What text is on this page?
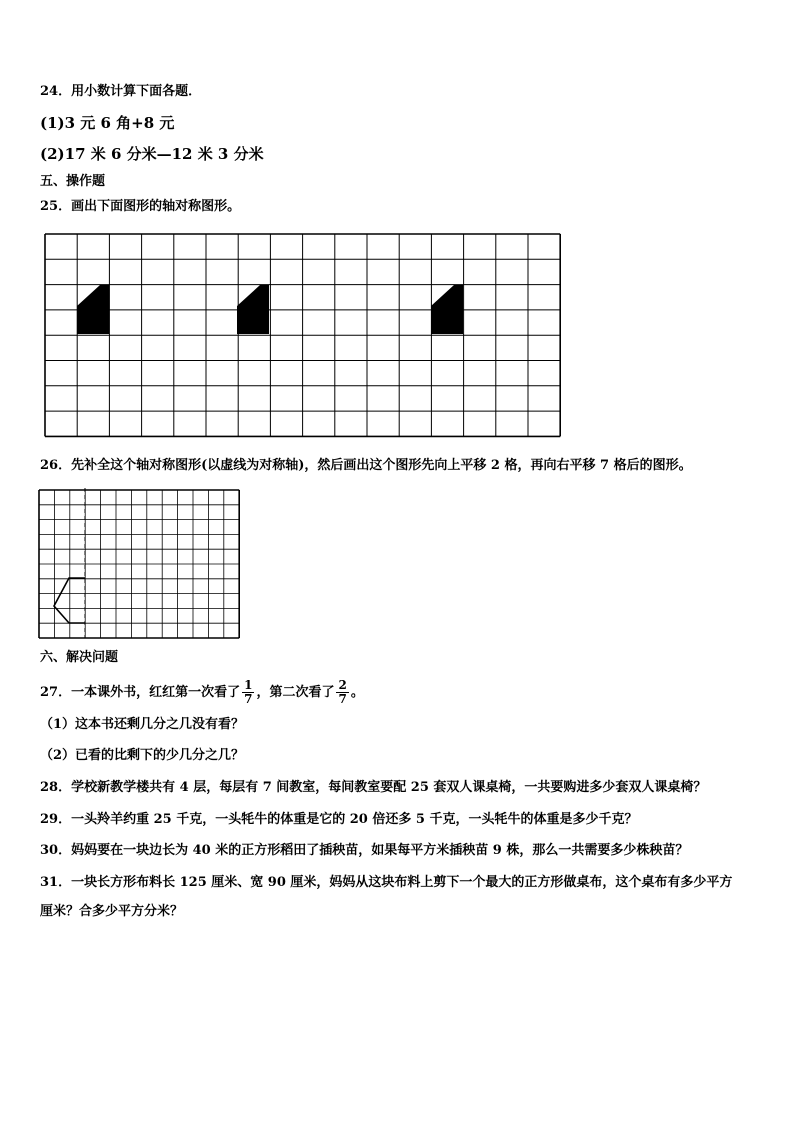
24．用小数计算下面各题．
(1)3 元 6 角+8 元
(2)17 米 6 分米—12 米 3 分米
五、操作题
25．画出下面图形的轴对称图形。
26．先补全这个轴对称图形(以虚线为对称轴)，然后画出这个图形先向上平移 2 格，再向右平移 7 格后的图形。
六、解决问题
27．一本课外书，红红第一次看了 $\frac{1}{7}$ ，第二次看了 $\frac{2}{7}$ 。
（1）这本书还剩几分之几没有看？
（2）已看的比剩下的少几分之几？
28．学校新教学楼共有 4 层，每层有 7 间教室，每间教室要配 25 套双人课桌椅，一共要购进多少套双人课桌椅？
29．一头羚羊约重 25 千克，一头牦牛的体重是它的 20 倍还多 5 千克，一头牦牛的体重是多少千克？
30．妈妈要在一块边长为 40 米的正方形稻田了插秧苗，如果每平方米插秧苗 9 株，那么一共需要多少株秧苗？
31．一块长方形布料长 125 厘米、宽 90 厘米，妈妈从这块布料上剪下一个最大的正方形做桌布，这个桌布有多少平方
厘米？合多少平方分米？
